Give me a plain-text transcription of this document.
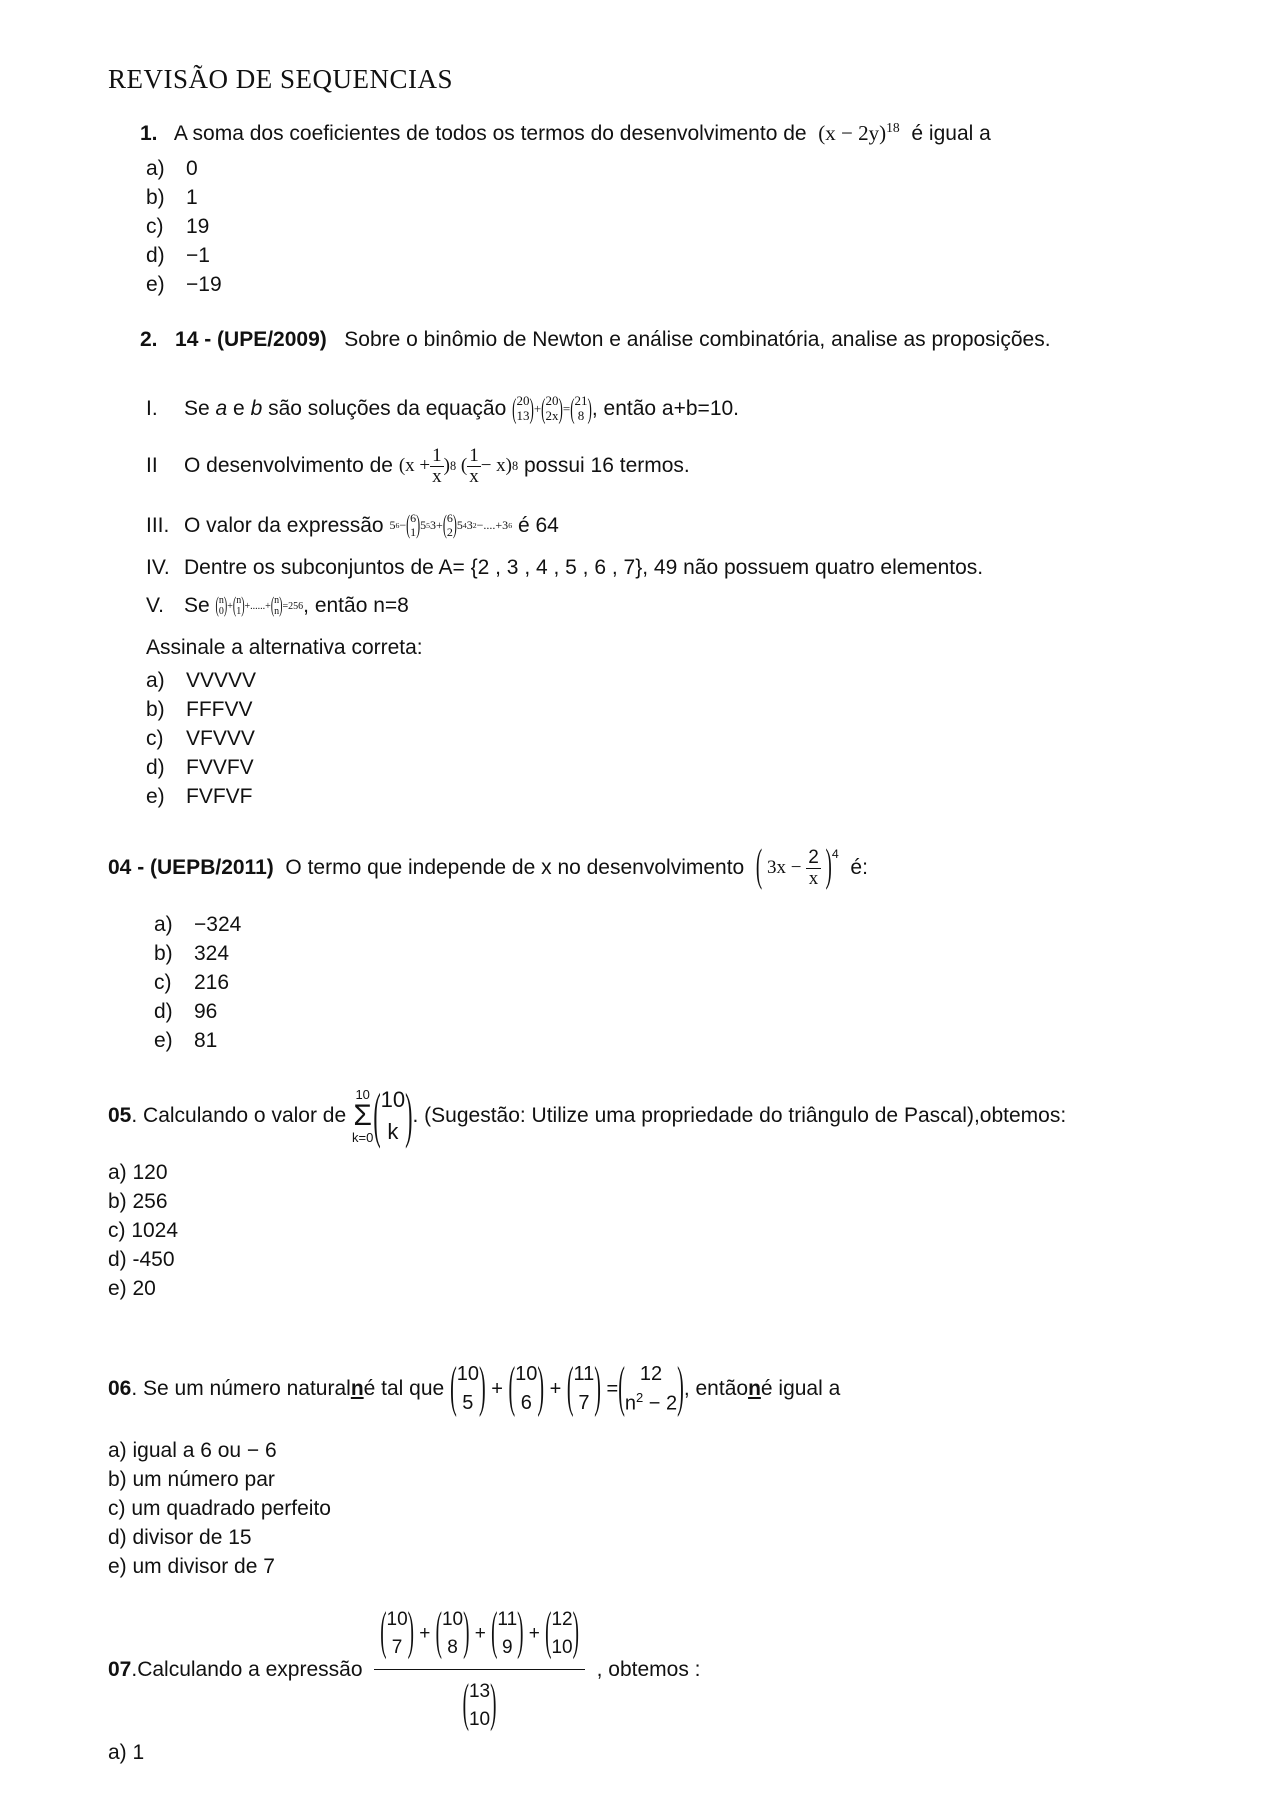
REVISÃO DE SEQUENCIAS
1. A soma dos coeficientes de todos os termos do desenvolvimento de $(x - 2y)^{18}$ é igual a
a) 0
b) 1
c) 19
d) −1
e) −19
2. 14 - (UPE/2009) Sobre o binômio de Newton e análise combinatória, analise as proposições.
I.	Se a e b são soluções da equação
( 20
13 ) + ( 20
2x ) = ( 21
8 ) , então a+b=10.
II	O desenvolvimento de
($x + \frac{1}{x}$ ) 8 ( $\frac{1}{x} - x$) 8
possui 16 termos.
III. O valor da expressão
5 6 − ( 6
1 ) 5 5 3+ ( 6
2 ) 5 4 3 2 −....+3 6
é 64
IV. Dentre os subconjuntos de A= {2 , 3 , 4 , 5 , 6 , 7}, 49 não possuem quatro elementos.
V. Se
( n
0 ) + ( n
1 ) +......+ ( n
n ) =256 , então n=8
Assinale a alternativa correta:
a) VVVVV
b) FFFVV
c) VFVVV
d) FVVFV
e) FVFVF
04 - (UEPB/2011)
O termo que independe de x no desenvolvimento
( $3x - \frac{2}{x}$
)$^4$

é:
a) −324
b) 324
c) 216
d) 96
e) 81
05 . Calculando o valor de

10
Σ
k=0 ( 10
k ) . (Sugestão: Utilize uma propriedade do triângulo de Pascal),obtemos:
a) 120
b) 256
c) 1024
d) -450
e) 20
06 . Se um número natural n é tal que
( 10
5 ) + ( 10
6 ) + ( 11
7 ) = ( 12
$n^2 - 2$ ) , então n é igual a
a) igual a 6 ou − 6
b) um número par
c) um quadrado perfeito
d) divisor de 15
e) um divisor de 7
07 .Calculando a expressão

( 10
7 ) + ( 10
8 ) + ( 11
9 ) + ( 12
10 )
( 13
10 )

, obtemos :
a) 1
